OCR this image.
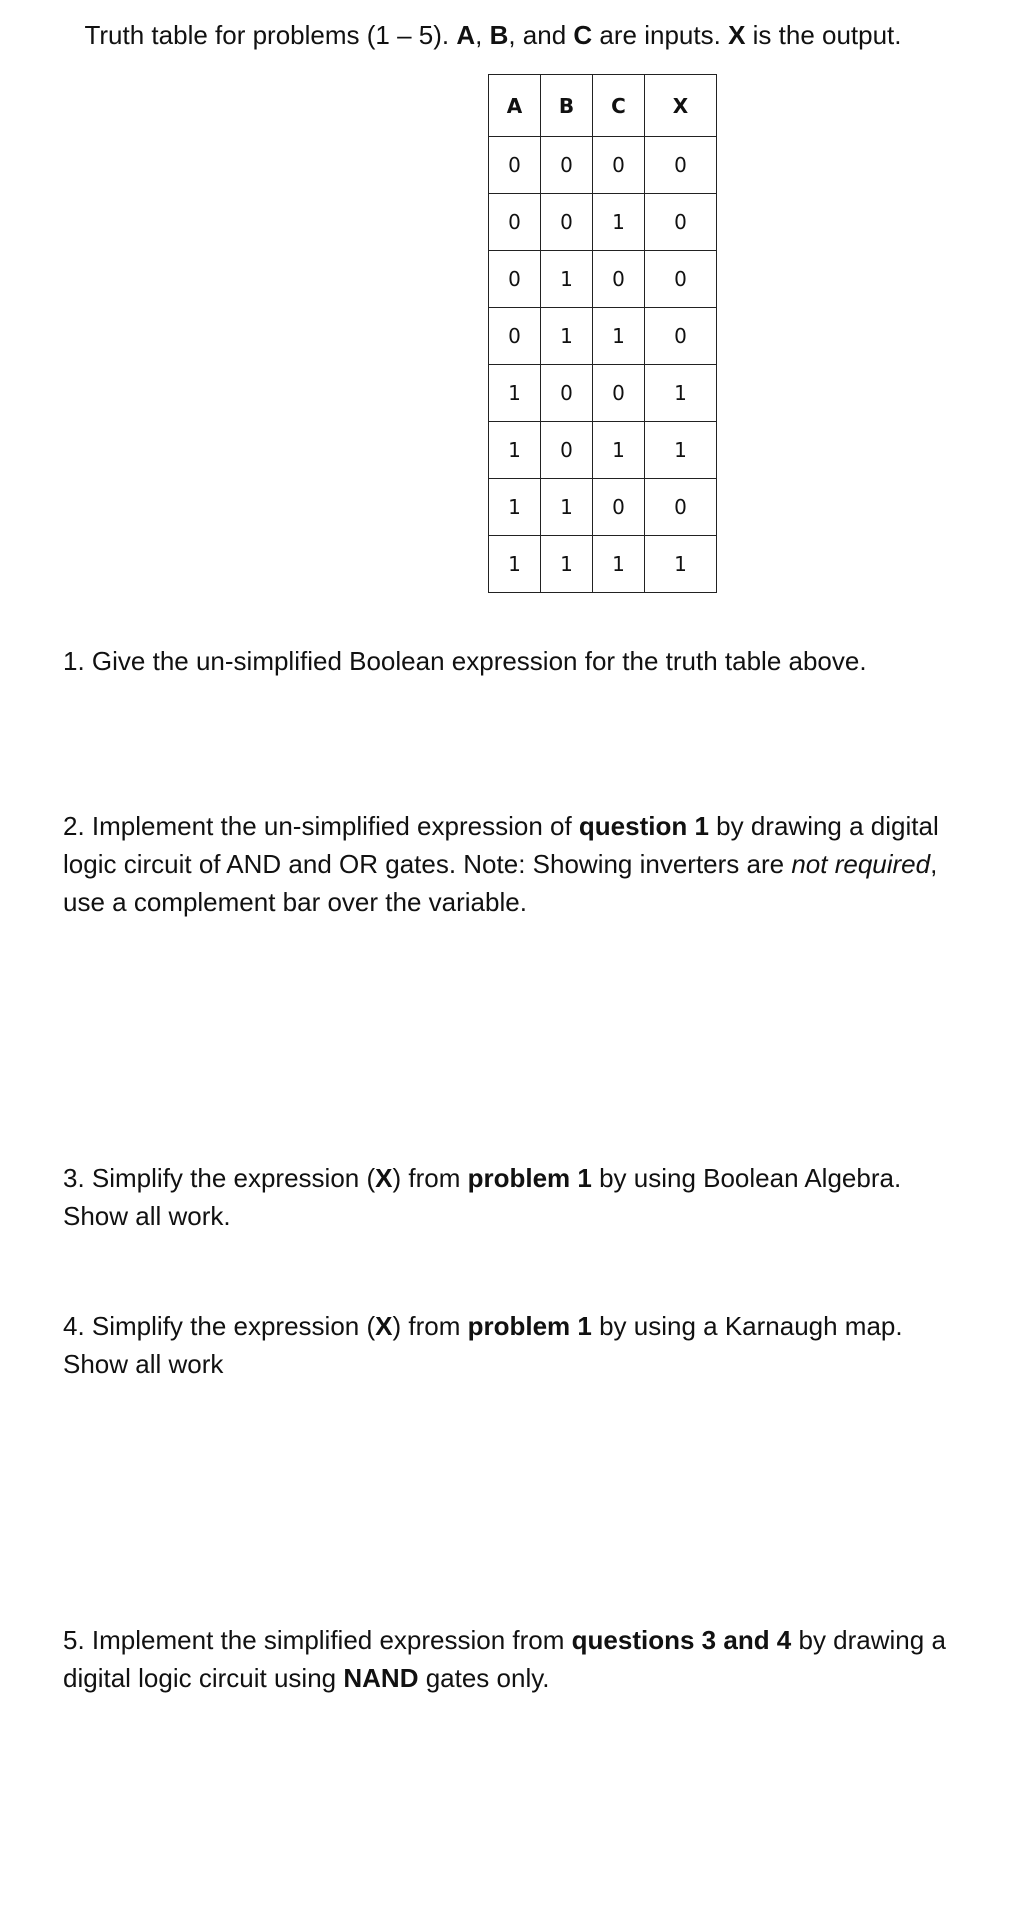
Truth table for problems (1 – 5). A, B, and C are inputs. X is the output.
A	B	C	X
0	0	0	0
0	0	1	0
0	1	0	0
0	1	1	0
1	0	0	1
1	0	1	1
1	1	0	0
1	1	1	1
1. Give the un-simplified Boolean expression for the truth table above.
2. Implement the un-simplified expression of question 1 by drawing a digital logic circuit of AND and OR gates. Note: Showing inverters are not required, use a complement bar over the variable.
3. Simplify the expression (X) from problem 1 by using Boolean Algebra. Show all work.
4. Simplify the expression (X) from problem 1 by using a Karnaugh map. Show all work
5. Implement the simplified expression from questions 3 and 4 by drawing a digital logic circuit using NAND gates only.
